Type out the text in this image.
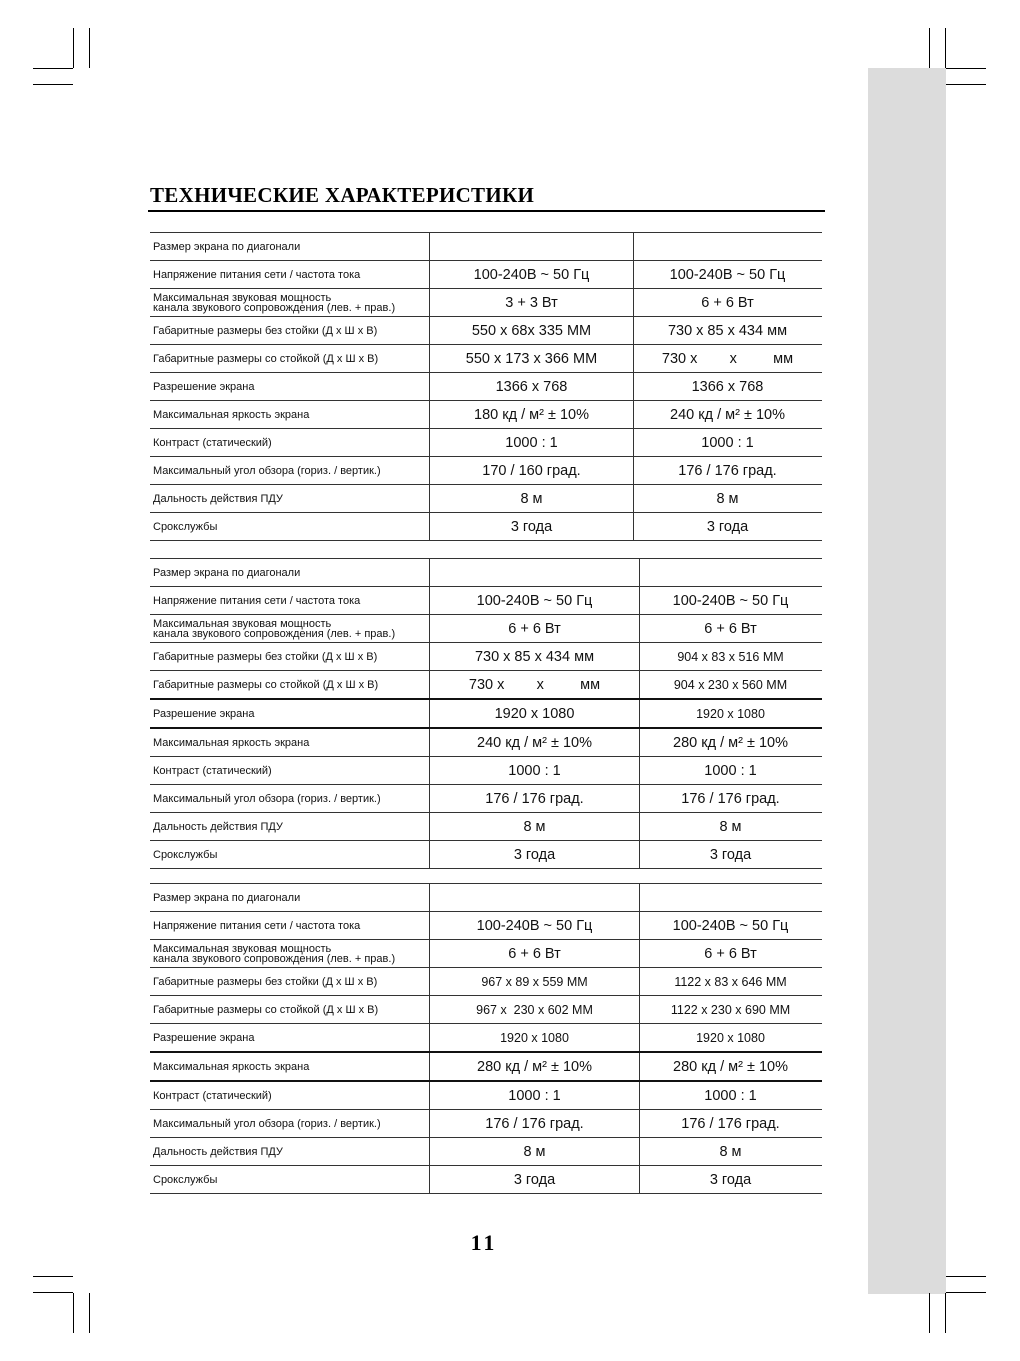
ТЕХНИЧЕСКИЕ ХАРАКТЕРИСТИКИ
Размер экрана по диагонали
Напряжение питания сети / частота тока	100-240В ~ 50 Гц	100-240В ~ 50 Гц
Максимальная звуковая мощность
канала звукового сопровождения (лев. + прав.)	3 + 3 Вт	6 + 6 Вт
Габаритные размеры без стойки (Д х Ш х В)	550 x 68x 335 ММ	730 x 85 x 434 мм
Габаритные размеры со стойкой (Д х Ш х В)	550 x 173 x 366 ММ	730 x        x         мм
Разрешение экрана	1366 x 768	1366 x 768
Максимальная яркость экрана	180 кд / м² ± 10%	240 кд / м² ± 10%
Контраст (статический)	1000 : 1	1000 : 1
Максимальный угол обзора (гориз. / вертик.)	170 / 160 град.	176 / 176 град.
Дальность действия ПДУ	8 м	8 м
Срокслужбы	3 года	3 года
Размер экрана по диагонали
Напряжение питания сети / частота тока	100-240В ~ 50 Гц	100-240В ~ 50 Гц
Максимальная звуковая мощность
канала звукового сопровождения (лев. + прав.)	6 + 6 Вт	6 + 6 Вт
Габаритные размеры без стойки (Д х Ш х В)	730 x 85 x 434 мм	904 x 83 x 516 ММ
Габаритные размеры со стойкой (Д х Ш х В)	730 x        x         мм	904 x 230 x 560 ММ
Разрешение экрана	1920 x 1080	1920 x 1080
Максимальная яркость экрана	240 кд / м² ± 10%	280 кд / м² ± 10%
Контраст (статический)	1000 : 1	1000 : 1
Максимальный угол обзора (гориз. / вертик.)	176 / 176 град.	176 / 176 град.
Дальность действия ПДУ	8 м	8 м
Срокслужбы	3 года	3 года
Размер экрана по диагонали
Напряжение питания сети / частота тока	100-240В ~ 50 Гц	100-240В ~ 50 Гц
Максимальная звуковая мощность
канала звукового сопровождения (лев. + прав.)	6 + 6 Вт	6 + 6 Вт
Габаритные размеры без стойки (Д х Ш х В)	967 x 89 x 559 ММ	1122 x 83 x 646 ММ
Габаритные размеры со стойкой (Д х Ш х В)	967 x  230 x 602 ММ	1122 x 230 x 690 ММ
Разрешение экрана	1920 x 1080	1920 x 1080
Максимальная яркость экрана	280 кд / м² ± 10%	280 кд / м² ± 10%
Контраст (статический)	1000 : 1	1000 : 1
Максимальный угол обзора (гориз. / вертик.)	176 / 176 град.	176 / 176 град.
Дальность действия ПДУ	8 м	8 м
Срокслужбы	3 года	3 года
11
